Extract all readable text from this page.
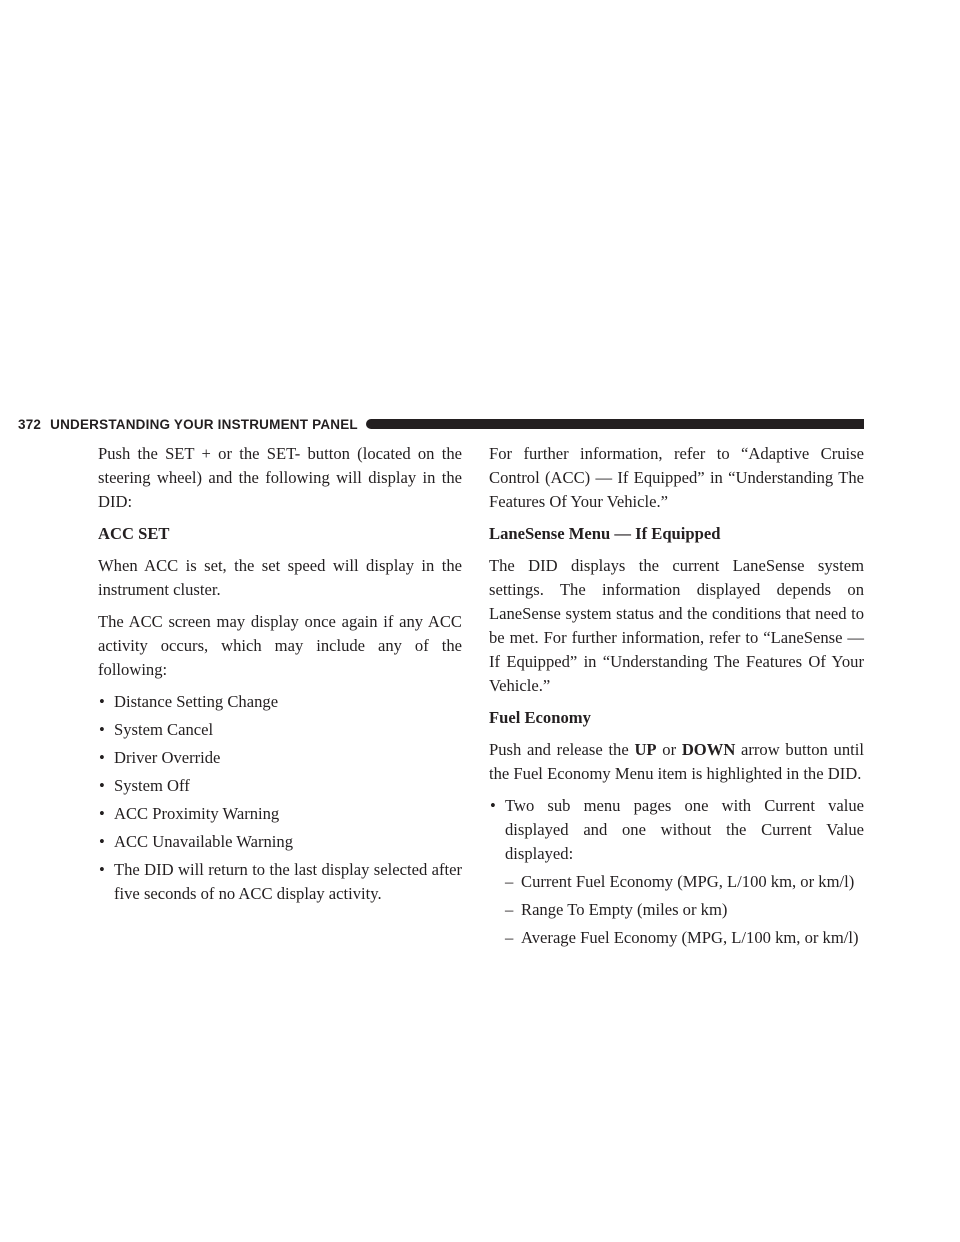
372 UNDERSTANDING YOUR INSTRUMENT PANEL

Push the SET + or the SET- button (located on the steering wheel) and the following will display in the DID:

ACC SET

When ACC is set, the set speed will display in the instrument cluster.

The ACC screen may display once again if any ACC activity occurs, which may include any of the following:

• Distance Setting Change
• System Cancel
• Driver Override
• System Off
• ACC Proximity Warning
• ACC Unavailable Warning
• The DID will return to the last display selected after five seconds of no ACC display activity.

For further information, refer to “Adaptive Cruise Control (ACC) — If Equipped” in “Understanding The Features Of Your Vehicle.”

LaneSense Menu — If Equipped

The DID displays the current LaneSense system settings. The information displayed depends on LaneSense system status and the conditions that need to be met. For further information, refer to “LaneSense — If Equipped” in “Understanding The Features Of Your Vehicle.”

Fuel Economy

Push and release the UP or DOWN arrow button until the Fuel Economy Menu item is highlighted in the DID.

• Two sub menu pages one with Current value displayed and one without the Current Value displayed:
– Current Fuel Economy (MPG, L/100 km, or km/l)
– Range To Empty (miles or km)
– Average Fuel Economy (MPG, L/100 km, or km/l)
